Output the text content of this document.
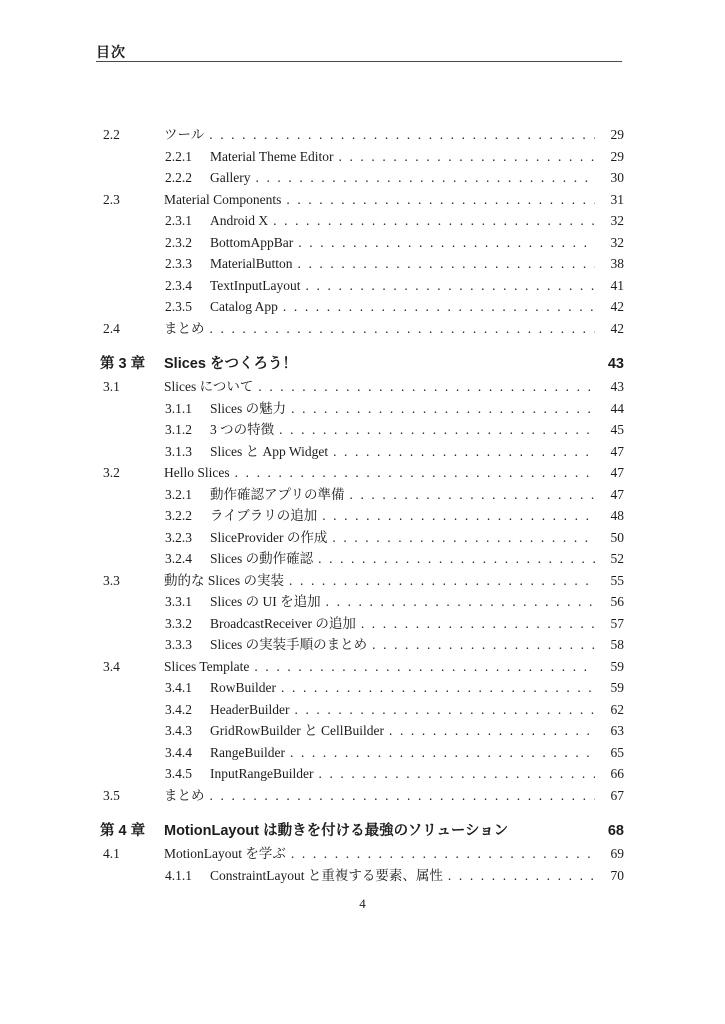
目次
2.2	ツール .....	29
2.2.1	Material Theme Editor .....	29
2.2.2	Gallery .....	30
2.3	Material Components .....	31
2.3.1	Android X .....	32
2.3.2	BottomAppBar .....	32
2.3.3	MaterialButton .....	38
2.3.4	TextInputLayout .....	41
2.3.5	Catalog App .....	42
2.4	まとめ .....	42
第 3 章	Slices をつくろう！	43
3.1	Slices について .....	43
3.1.1	Slices の魅力 .....	44
3.1.2	3 つの特徴 .....	45
3.1.3	Slices と App Widget .....	47
3.2	Hello Slices .....	47
3.2.1	動作確認アプリの準備 .....	47
3.2.2	ライブラリの追加 .....	48
3.2.3	SliceProvider の作成 .....	50
3.2.4	Slices の動作確認 .....	52
3.3	動的な Slices の実装 .....	55
3.3.1	Slices の UI を追加 .....	56
3.3.2	BroadcastReceiver の追加 .....	57
3.3.3	Slices の実装手順のまとめ .....	58
3.4	Slices Template .....	59
3.4.1	RowBuilder .....	59
3.4.2	HeaderBuilder .....	62
3.4.3	GridRowBuilder と CellBuilder .....	63
3.4.4	RangeBuilder .....	65
3.4.5	InputRangeBuilder .....	66
3.5	まとめ .....	67
第 4 章	MotionLayout は動きを付ける最強のソリューション	68
4.1	MotionLayout を学ぶ .....	69
4.1.1	ConstraintLayout と重複する要素、属性 .....	70
4
